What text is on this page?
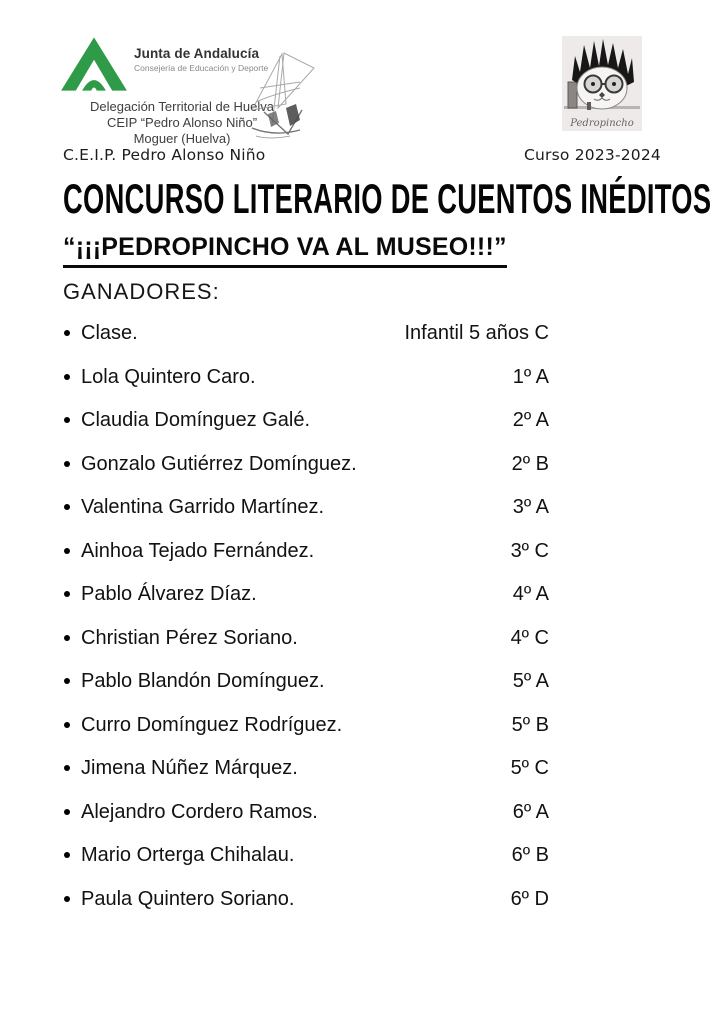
Junta de Andalucía
Consejería de Educación y Deporte
Delegación Territorial de Huelva
CEIP “Pedro Alonso Niño”
Moguer (Huelva)
Pedropincho
C.E.I.P. Pedro Alonso Niño	Curso 2023-2024
CONCURSO LITERARIO DE CUENTOS INÉDITOS
“¡¡¡PEDROPINCHO VA AL MUSEO!!!”
GANADORES:
Clase.	Infantil 5 años C
Lola Quintero Caro.	1º A
Claudia Domínguez Galé.	2º A
Gonzalo Gutiérrez Domínguez.	2º B
Valentina Garrido Martínez.	3º A
Ainhoa Tejado Fernández.	3º C
Pablo Álvarez Díaz.	4º A
Christian Pérez Soriano.	4º C
Pablo Blandón Domínguez.	5º A
Curro Domínguez Rodríguez.	5º B
Jimena Núñez Márquez.	5º C
Alejandro Cordero Ramos.	6º A
Mario Orterga Chihalau.	6º B
Paula Quintero Soriano.	6º D
